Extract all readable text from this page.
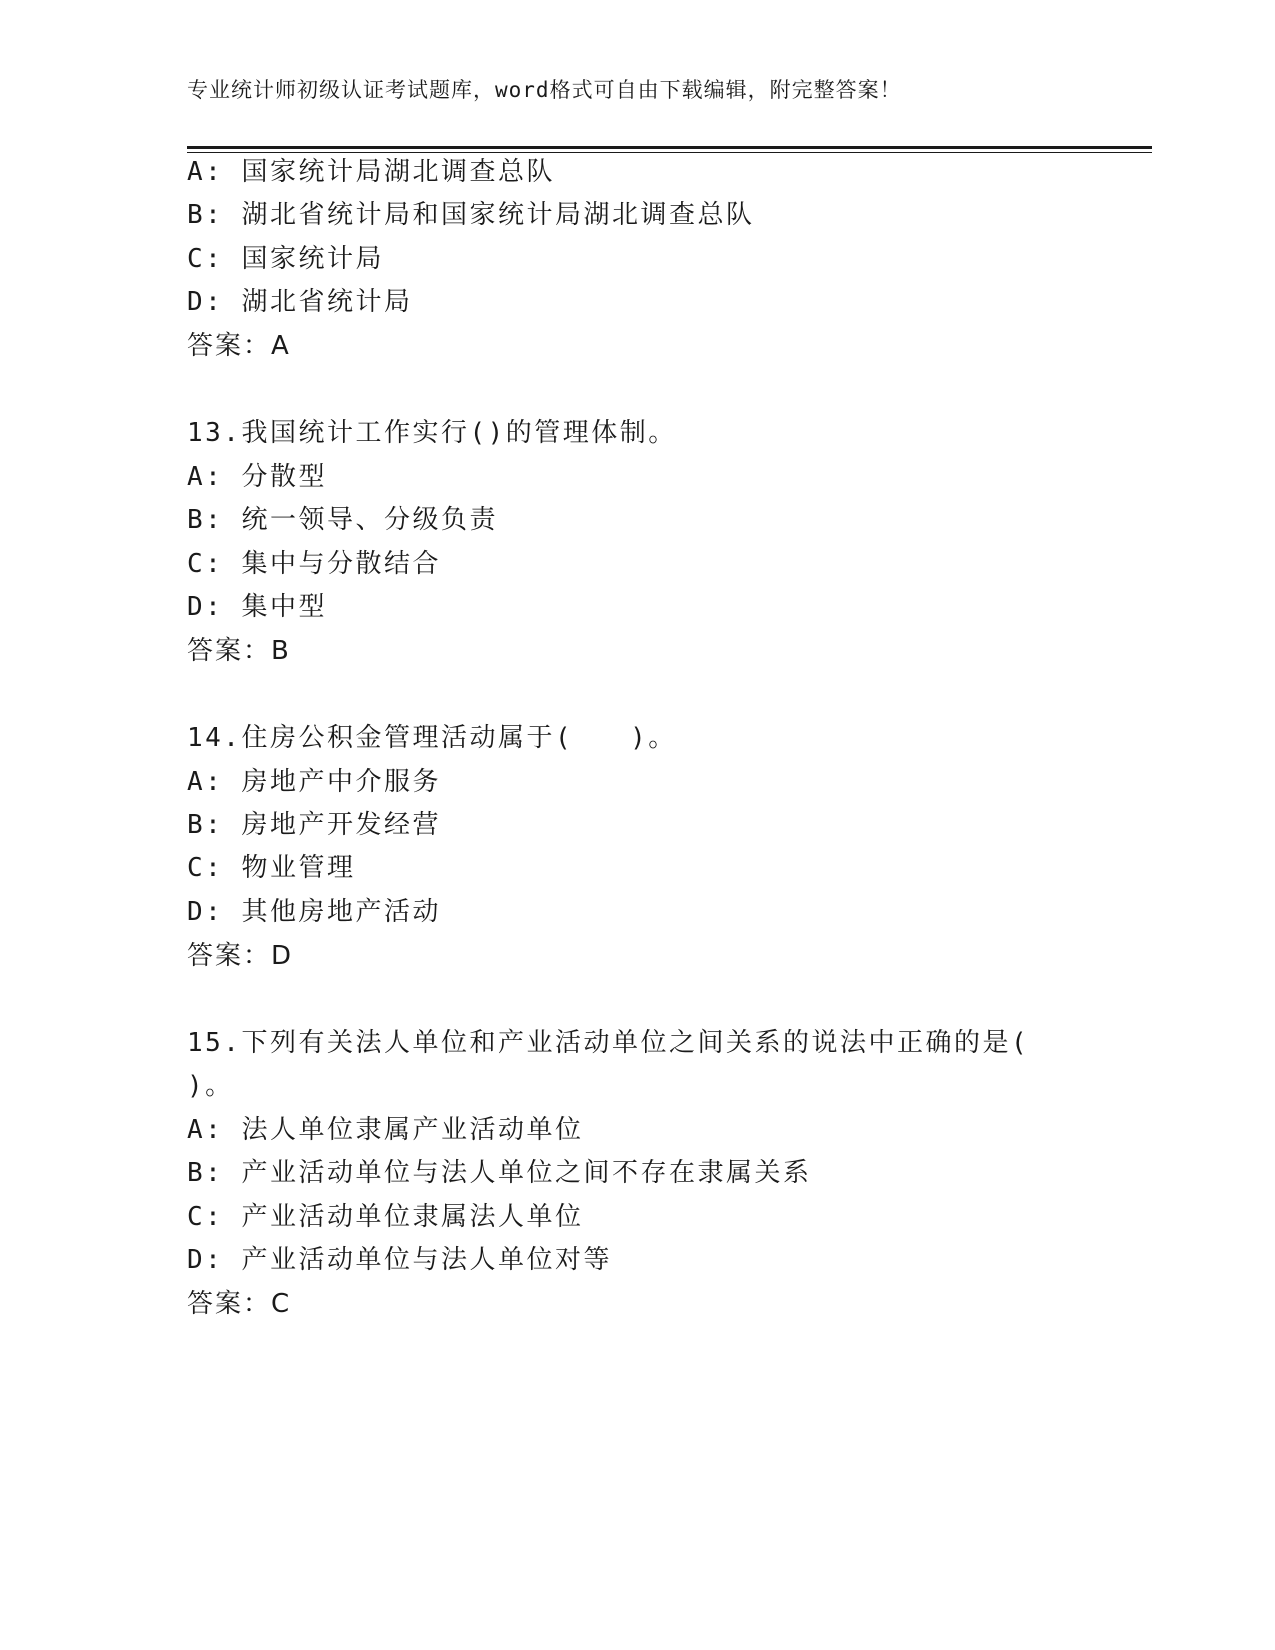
专业统计师初级认证考试题库，word格式可自由下载编辑，附完整答案！
A: 国家统计局湖北调查总队
B: 湖北省统计局和国家统计局湖北调查总队
C: 国家统计局
D: 湖北省统计局
答案：A
13.我国统计工作实行()的管理体制。
A: 分散型
B: 统一领导、分级负责
C: 集中与分散结合
D: 集中型
答案：B
14.住房公积金管理活动属于(　　)。
A: 房地产中介服务
B: 房地产开发经营
C: 物业管理
D: 其他房地产活动
答案：D
15.下列有关法人单位和产业活动单位之间关系的说法中正确的是(
)。
A: 法人单位隶属产业活动单位
B: 产业活动单位与法人单位之间不存在隶属关系
C: 产业活动单位隶属法人单位
D: 产业活动单位与法人单位对等
答案：C
